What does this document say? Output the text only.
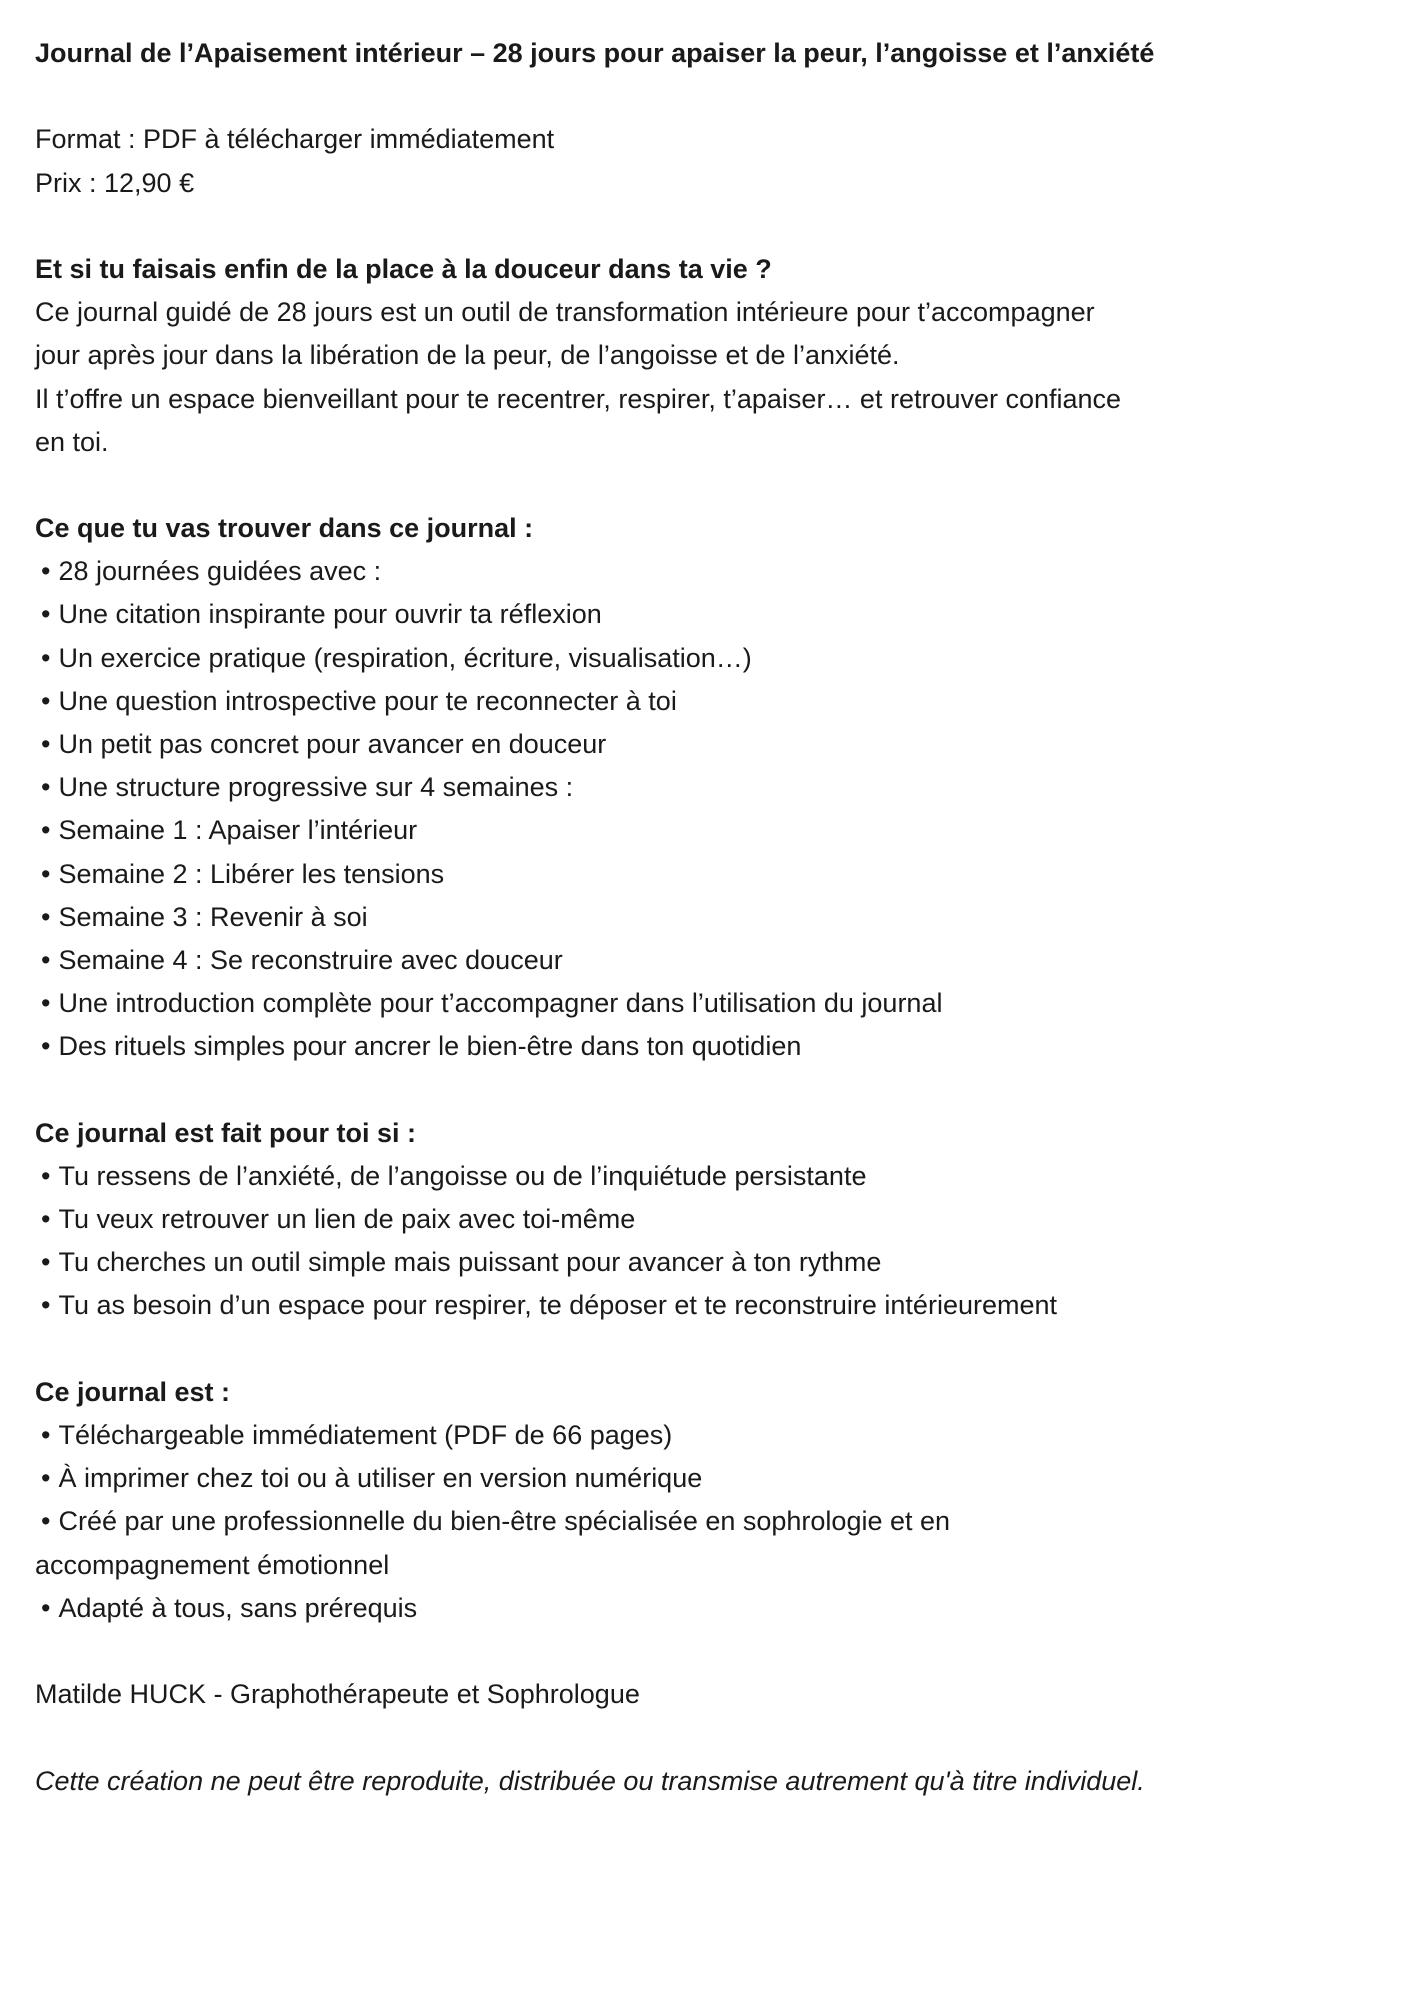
Journal de l’Apaisement intérieur – 28 jours pour apaiser la peur, l’angoisse et l’anxiété
Format : PDF à télécharger immédiatement
Prix : 12,90 €
Et si tu faisais enfin de la place à la douceur dans ta vie ?
Ce journal guidé de 28 jours est un outil de transformation intérieure pour t’accompagner
jour après jour dans la libération de la peur, de l’angoisse et de l’anxiété.
Il t’offre un espace bienveillant pour te recentrer, respirer, t’apaiser… et retrouver confiance
en toi.
Ce que tu vas trouver dans ce journal :
• 28 journées guidées avec :
• Une citation inspirante pour ouvrir ta réflexion
• Un exercice pratique (respiration, écriture, visualisation…)
• Une question introspective pour te reconnecter à toi
• Un petit pas concret pour avancer en douceur
• Une structure progressive sur 4 semaines :
• Semaine 1 : Apaiser l’intérieur
• Semaine 2 : Libérer les tensions
• Semaine 3 : Revenir à soi
• Semaine 4 : Se reconstruire avec douceur
• Une introduction complète pour t’accompagner dans l’utilisation du journal
• Des rituels simples pour ancrer le bien-être dans ton quotidien
Ce journal est fait pour toi si :
• Tu ressens de l’anxiété, de l’angoisse ou de l’inquiétude persistante
• Tu veux retrouver un lien de paix avec toi-même
• Tu cherches un outil simple mais puissant pour avancer à ton rythme
• Tu as besoin d’un espace pour respirer, te déposer et te reconstruire intérieurement
Ce journal est :
• Téléchargeable immédiatement (PDF de 66 pages)
• À imprimer chez toi ou à utiliser en version numérique
• Créé par une professionnelle du bien-être spécialisée en sophrologie et en
accompagnement émotionnel
• Adapté à tous, sans prérequis
Matilde HUCK - Graphothérapeute et Sophrologue
Cette création ne peut être reproduite, distribuée ou transmise autrement qu'à titre individuel.
